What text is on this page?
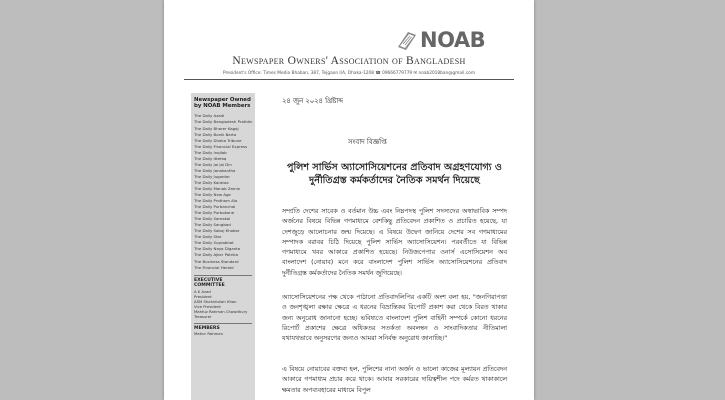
NOAB
Newspaper Owners' Association of Bangladesh
President's Office: Times Media Bhaban, 387, Tejgaon I/A, Dhaka-1208 ☎ 09666779779 ✉ noab2018ban@gmail.com
Newspaper Owned by NOAB Members
The Daily Azadi
The Daily Bangladesh Pratidin
The Daily Bhorer Kagoj
The Daily Bonik Barta
The Daily Dhaka Tribune
The Daily Financial Express
The Daily Inqilab
The Daily Ittefaq
The Daily Jai Jai Din
The Daily Janakantha
The Daily Jugantor
The Daily Karatoa
The Daily Manab Zamin
The Daily New Age
The Daily Prothom Alo
The Daily Purbanchal
The Daily Purbokone
The Daily Samakal
The Daily Sangbad
The Daily Sabuj Khobor
The Daily Star
The Daily Suprobhat
The Daily Naya Diganta
The Daily Ajker Patrika
The Business Standard
The Financial Herald
EXECUTIVE COMMITTEE
A K Azad
President
ASM Shahidullah Khan
Vice President
Mahfuz Rahman Chowdhury
Treasurer
MEMBERS
Matiur Rahman
২৪ জুন ২০২৪ খ্রিষ্টাব্দ
সংবাদ বিজ্ঞপ্তি
পুলিশ সার্ভিস অ্যাসোসিয়েশনের প্রতিবাদ অগ্রহণযোগ্য ও দুর্নীতিগ্রস্ত কর্মকর্তাদের নৈতিক সমর্থন দিয়েছে
সম্প্রতি দেশের সাবেক ও বর্তমান উচ্চ এবং নিম্নপদস্থ পুলিশ সদস্যদের অস্বাভাবিক সম্পদ অর্জনের বিষয়ে বিভিন্ন গণমাধ্যমে বেশকিছু প্রতিবেদন প্রকাশিত ও প্রচারিত হয়েছে, যা দেশজুড়ে আলোচনার জন্ম দিয়েছে। এ বিষয়ে উদ্বেগ জানিয়ে দেশের সব গণমাধ্যমের সম্পাদক বরাবর চিঠি দিয়েছে পুলিশ সার্ভিস অ্যাসোসিয়েশন। পরবর্তীতে যা বিভিন্ন গণমাধ্যমে খবর আকারে প্রকাশিত হয়েছে। নিউজপেপার ওনার্স এসোসিয়েশন অব বাংলাদেশ (নোয়াব) মনে করে বাংলাদেশ পুলিশ সার্ভিস অ্যাসোসিয়েশনের প্রতিবাদ দুর্নীতিগ্রস্ত কর্মকর্তাদের নৈতিক সমর্থন জুগিয়েছে।
অ্যাসোসিয়েশনের পক্ষ থেকে পাঠানো প্রতিবাদলিপির একটি অংশ বলা হয়, "জনগিরাপত্তা ও জনশৃঙ্খলা রক্ষার ক্ষেত্রে এ ধরনের বিভ্রান্তিকর রিপোর্ট প্রকাশ করা থেকে বিরত থাকার জন্য অনুরোধ জানানো হচ্ছে। ভবিষ্যতে বাংলাদেশ পুলিশ বাহিনী সম্পর্কে কোনো ধরনের রিপোর্ট প্রকাশের ক্ষেত্রে অধিকতর সতর্কতা অবলম্বন ও সাংবাদিকতার নীতিমালা যথাযথভাবে অনুসরণের জন্যও আমরা সনির্বন্ধ অনুরোধ জানাচ্ছি।"
এ বিষয়ে নোয়াবের বক্তব্য হল, পুলিশের নানা অর্জন ও ভালো কাজের মূল্যায়ন প্রতিবেদন আকারে গণমাধ্যম প্রচার করে থাকে। আবার সরকারের দায়িত্বশীল পদে কর্মরত থাকাকালে ক্ষমতার অপব্যবহারের মাধ্যমে বিপুল
